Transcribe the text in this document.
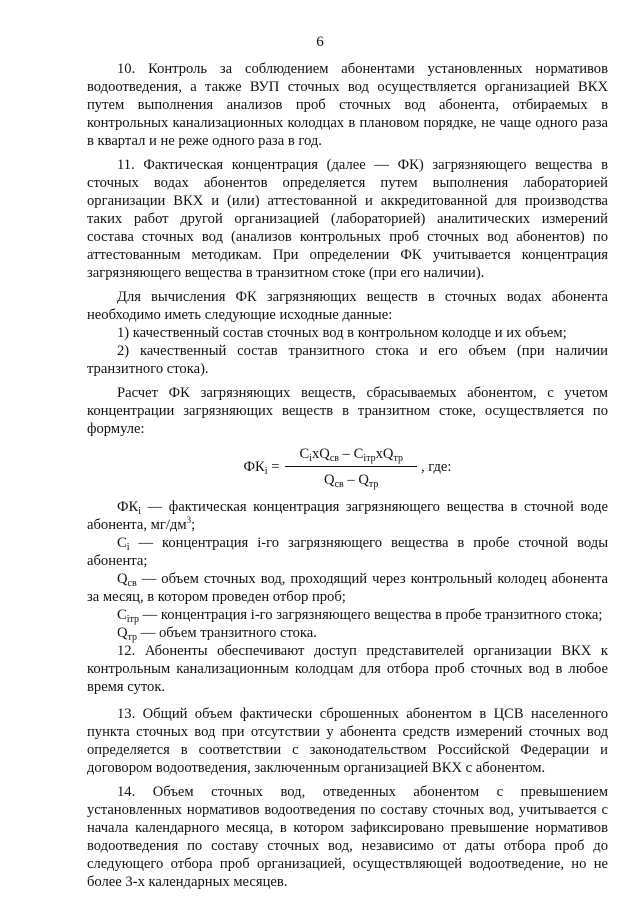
6

10. Контроль за соблюдением абонентами установленных нормативов водоотведения, а также ВУП сточных вод осуществляется организацией ВКХ путем выполнения анализов проб сточных вод абонента, отбираемых в контрольных канализационных колодцах в плановом порядке, не чаще одного раза в квартал и не реже одного раза в год.

11. Фактическая концентрация (далее — ФК) загрязняющего вещества в сточных водах абонентов определяется путем выполнения лабораторией организации ВКХ и (или) аттестованной и аккредитованной для производства таких работ другой организацией (лабораторией) аналитических измерений состава сточных вод (анализов контрольных проб сточных вод абонентов) по аттестованным методикам. При определении ФК учитывается концентрация загрязняющего вещества в транзитном стоке (при его наличии).

Для вычисления ФК загрязняющих веществ в сточных водах абонента необходимо иметь следующие исходные данные:

1) качественный состав сточных вод в контрольном колодце и их объем;

2) качественный состав транзитного стока и его объем (при наличии транзитного стока).

Расчет ФК загрязняющих веществ, сбрасываемых абонентом, с учетом концентрации загрязняющих веществ в транзитном стоке, осуществляется по формуле:

$ФК_i = \frac{C_ixQ_{св} - C_{iтр}xQ_{тр}}{Q_{св} - Q_{тр}}$ , где:

$ФК_i$ — фактическая концентрация загрязняющего вещества в сточной воде абонента, $мг/дм^3$;

$C_i$ — концентрация i-го загрязняющего вещества в пробе сточной воды абонента;

$Q_{св}$ — объем сточных вод, проходящий через контрольный колодец абонента за месяц, в котором проведен отбор проб;

$C_{iтр}$ — концентрация i-го загрязняющего вещества в пробе транзитного стока;

$Q_{тр}$ — объем транзитного стока.

12. Абоненты обеспечивают доступ представителей организации ВКХ к контрольным канализационным колодцам для отбора проб сточных вод в любое время суток.

13. Общий объем фактически сброшенных абонентом в ЦСВ населенного пункта сточных вод при отсутствии у абонента средств измерений сточных вод определяется в соответствии с законодательством Российской Федерации и договором водоотведения, заключенным организацией ВКХ с абонентом.

14. Объем сточных вод, отведенных абонентом с превышением установленных нормативов водоотведения по составу сточных вод, учитывается с начала календарного месяца, в котором зафиксировано превышение нормативов водоотведения по составу сточных вод, независимо от даты отбора проб до следующего отбора проб организацией, осуществляющей водоотведение, но не более 3-х календарных месяцев.
